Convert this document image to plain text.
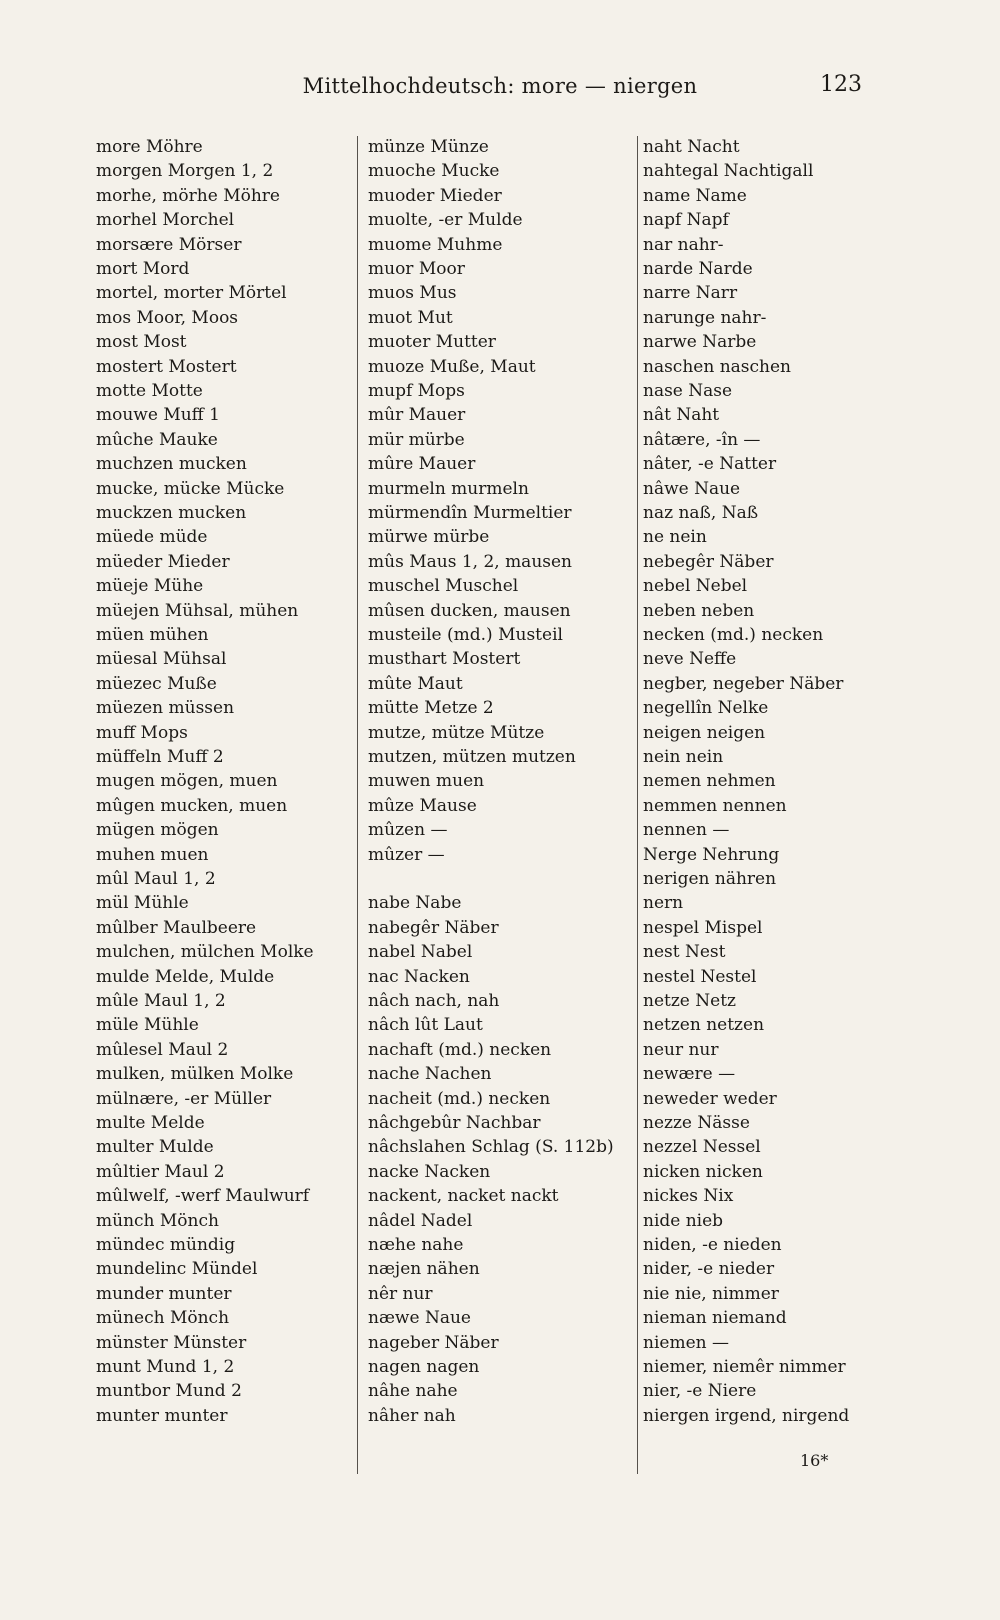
Mittelhochdeutsch: more — niergen	123
more Möhre
morgen Morgen 1, 2
morhe, mörhe Möhre
morhel Morchel
morsære Mörser
mort Mord
mortel, morter Mörtel
mos Moor, Moos
most Most
mostert Mostert
motte Motte
mouwe Muff 1
mûche Mauke
muchzen mucken
mucke, mücke Mücke
muckzen mucken
müede müde
müeder Mieder
müeje Mühe
müejen Mühsal, mühen
müen mühen
müesal Mühsal
müezec Muße
müezen müssen
muff Mops
müffeln Muff 2
mugen mögen, muen
mûgen mucken, muen
mügen mögen
muhen muen
mûl Maul 1, 2
mül Mühle
mûlber Maulbeere
mulchen, mülchen Molke
mulde Melde, Mulde
mûle Maul 1, 2
müle Mühle
mûlesel Maul 2
mulken, mülken Molke
mülnære, -er Müller
multe Melde
multer Mulde
mûltier Maul 2
mûlwelf, -werf Maulwurf
münch Mönch
mündec mündig
mundelinc Mündel
munder munter
münech Mönch
münster Münster
munt Mund 1, 2
muntbor Mund 2
munter munter
münze Münze
muoche Mucke
muoder Mieder
muolte, -er Mulde
muome Muhme
muor Moor
muos Mus
muot Mut
muoter Mutter
muoze Muße, Maut
mupf Mops
mûr Mauer
mür mürbe
mûre Mauer
murmeln murmeln
mürmendîn Murmeltier
mürwe mürbe
mûs Maus 1, 2, mausen
muschel Muschel
mûsen ducken, mausen
musteile (md.) Musteil
musthart Mostert
mûte Maut
mütte Metze 2
mutze, mütze Mütze
mutzen, mützen mutzen
muwen muen
mûze Mause
mûzen —
mûzer —
nabe Nabe
nabegêr Näber
nabel Nabel
nac Nacken
nâch nach, nah
nâch lût Laut
nachaft (md.) necken
nache Nachen
nacheit (md.) necken
nâchgebûr Nachbar
nâchslahen Schlag (S. 112b)
nacke Nacken
nackent, nacket nackt
nâdel Nadel
næhe nahe
næjen nähen
nêr nur
næwe Naue
nageber Näber
nagen nagen
nâhe nahe
nâher nah
naht Nacht
nahtegal Nachtigall
name Name
napf Napf
nar nahr-
narde Narde
narre Narr
narunge nahr-
narwe Narbe
naschen naschen
nase Nase
nât Naht
nâtære, -în —
nâter, -e Natter
nâwe Naue
naz naß, Naß
ne nein
nebegêr Näber
nebel Nebel
neben neben
necken (md.) necken
neve Neffe
negber, negeber Näber
negellîn Nelke
neigen neigen
nein nein
nemen nehmen
nemmen nennen
nennen —
Nerge Nehrung
nerigen nähren
nern
nespel Mispel
nest Nest
nestel Nestel
netze Netz
netzen netzen
neur nur
newære —
neweder weder
nezze Nässe
nezzel Nessel
nicken nicken
nickes Nix
nide nieb
niden, -e nieden
nider, -e nieder
nie nie, nimmer
nieman niemand
niemen —
niemer, niemêr nimmer
nier, -e Niere
niergen irgend, nirgend
16*
